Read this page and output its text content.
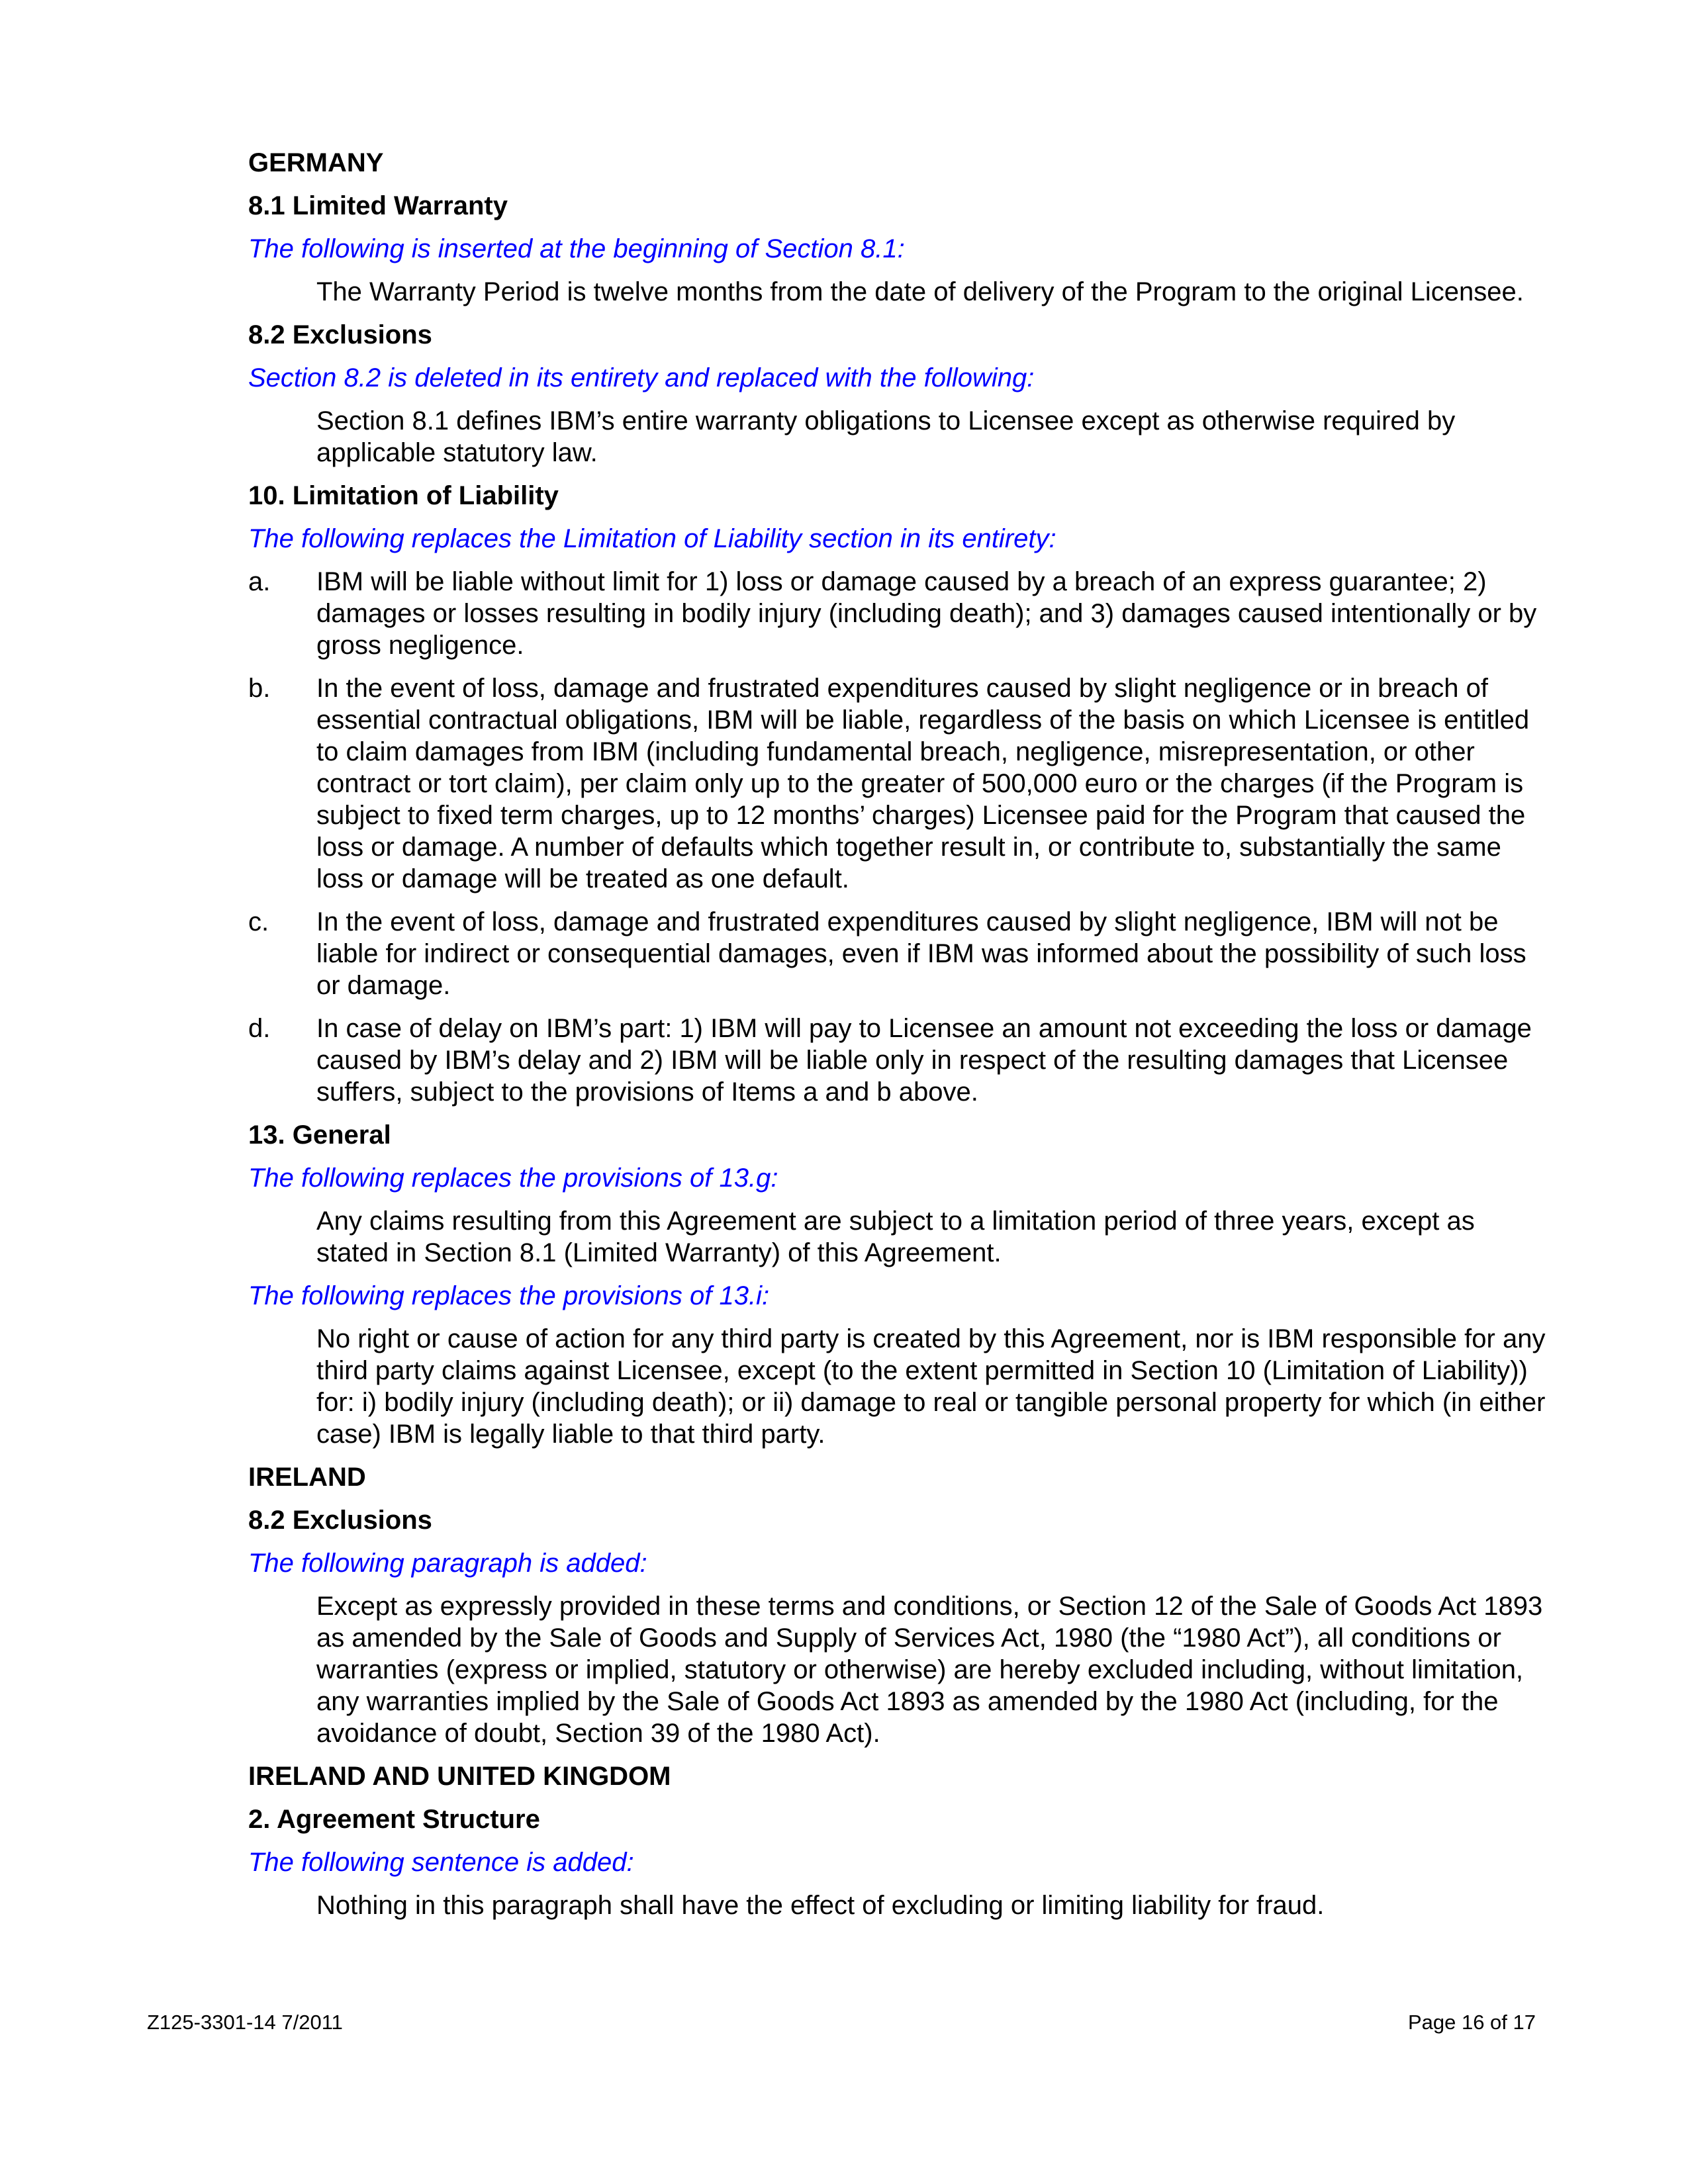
GERMANY
8.1 Limited Warranty
The following is inserted at the beginning of Section 8.1:
The Warranty Period is twelve months from the date of delivery of the Program to the original Licensee.
8.2 Exclusions
Section 8.2 is deleted in its entirety and replaced with the following:
Section 8.1 defines IBM’s entire warranty obligations to Licensee except as otherwise required by applicable statutory law.
10. Limitation of Liability
The following replaces the Limitation of Liability section in its entirety:
a.	IBM will be liable without limit for 1) loss or damage caused by a breach of an express guarantee; 2) damages or losses resulting in bodily injury (including death); and 3) damages caused intentionally or by gross negligence.
b.	In the event of loss, damage and frustrated expenditures caused by slight negligence or in breach of essential contractual obligations, IBM will be liable, regardless of the basis on which Licensee is entitled to claim damages from IBM (including fundamental breach, negligence, misrepresentation, or other contract or tort claim), per claim only up to the greater of 500,000 euro or the charges (if the Program is subject to fixed term charges, up to 12 months’ charges) Licensee paid for the Program that caused the loss or damage. A number of defaults which together result in, or contribute to, substantially the same loss or damage will be treated as one default.
c.	In the event of loss, damage and frustrated expenditures caused by slight negligence, IBM will not be liable for indirect or consequential damages, even if IBM was informed about the possibility of such loss or damage.
d.	In case of delay on IBM’s part: 1) IBM will pay to Licensee an amount not exceeding the loss or damage caused by IBM’s delay and 2) IBM will be liable only in respect of the resulting damages that Licensee suffers, subject to the provisions of Items a and b above.
13. General
The following replaces the provisions of 13.g:
Any claims resulting from this Agreement are subject to a limitation period of three years, except as stated in Section 8.1 (Limited Warranty) of this Agreement.
The following replaces the provisions of 13.i:
No right or cause of action for any third party is created by this Agreement, nor is IBM responsible for any third party claims against Licensee, except (to the extent permitted in Section 10 (Limitation of Liability)) for: i) bodily injury (including death); or ii) damage to real or tangible personal property for which (in either case) IBM is legally liable to that third party.
IRELAND
8.2 Exclusions
The following paragraph is added:
Except as expressly provided in these terms and conditions, or Section 12 of the Sale of Goods Act 1893 as amended by the Sale of Goods and Supply of Services Act, 1980 (the “1980 Act”), all conditions or warranties (express or implied, statutory or otherwise) are hereby excluded including, without limitation, any warranties implied by the Sale of Goods Act 1893 as amended by the 1980 Act (including, for the avoidance of doubt, Section 39 of the 1980 Act).
IRELAND AND UNITED KINGDOM
2. Agreement Structure
The following sentence is added:
Nothing in this paragraph shall have the effect of excluding or limiting liability for fraud.
Z125-3301-14 7/2011	Page 16 of 17
